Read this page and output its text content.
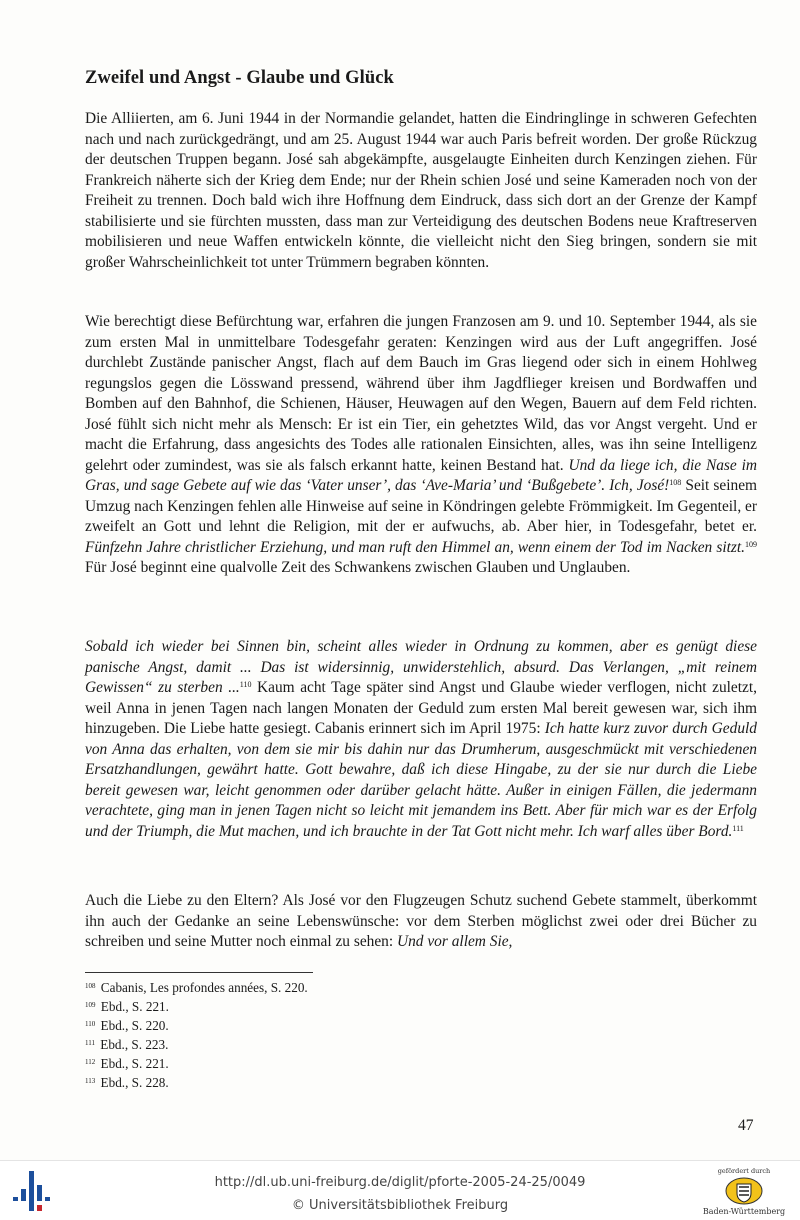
Zweifel und Angst - Glaube und Glück

Die Alliierten, am 6. Juni 1944 in der Normandie gelandet, hatten die Eindringlinge in schweren Gefechten nach und nach zurückgedrängt, und am 25. August 1944 war auch Paris befreit worden. Der große Rückzug der deutschen Truppen begann. José sah abgekämpfte, ausgelaugte Einheiten durch Kenzingen ziehen. Für Frankreich näherte sich der Krieg dem Ende; nur der Rhein schien José und seine Kameraden noch von der Freiheit zu trennen. Doch bald wich ihre Hoffnung dem Eindruck, dass sich dort an der Grenze der Kampf stabilisierte und sie fürchten mussten, dass man zur Verteidigung des deutschen Bodens neue Kraftreserven mobilisieren und neue Waffen entwickeln könnte, die vielleicht nicht den Sieg bringen, sondern sie mit großer Wahrscheinlichkeit tot unter Trümmern begraben könnten.

Wie berechtigt diese Befürchtung war, erfahren die jungen Franzosen am 9. und 10. September 1944, als sie zum ersten Mal in unmittelbare Todesgefahr geraten: Kenzingen wird aus der Luft angegriffen. José durchlebt Zustände panischer Angst, flach auf dem Bauch im Gras liegend oder sich in einem Hohlweg regungslos gegen die Lösswand pressend, während über ihm Jagdflieger kreisen und Bordwaffen und Bomben auf den Bahnhof, die Schienen, Häuser, Heuwagen auf den Wegen, Bauern auf dem Feld richten. José fühlt sich nicht mehr als Mensch: Er ist ein Tier, ein gehetztes Wild, das vor Angst vergeht. Und er macht die Erfahrung, dass angesichts des Todes alle rationalen Einsichten, alles, was ihn seine Intelligenz gelehrt oder zumindest, was sie als falsch erkannt hatte, keinen Bestand hat. Und da liege ich, die Nase im Gras, und sage Gebete auf wie das ‘Vater unser’, das ‘Ave-Maria’ und ‘Bußgebete’. Ich, José!$^{108}$ Seit seinem Umzug nach Kenzingen fehlen alle Hinweise auf seine in Köndringen gelebte Frömmigkeit. Im Gegenteil, er zweifelt an Gott und lehnt die Religion, mit der er aufwuchs, ab. Aber hier, in Todesgefahr, betet er. Fünfzehn Jahre christlicher Erziehung, und man ruft den Himmel an, wenn einem der Tod im Nacken sitzt.$^{109}$ Für José beginnt eine qualvolle Zeit des Schwankens zwischen Glauben und Unglauben.

Sobald ich wieder bei Sinnen bin, scheint alles wieder in Ordnung zu kommen, aber es genügt diese panische Angst, damit ... Das ist widersinnig, unwiderstehlich, absurd. Das Verlangen, „mit reinem Gewissen“ zu sterben ...$^{110}$ Kaum acht Tage später sind Angst und Glaube wieder verflogen, nicht zuletzt, weil Anna in jenen Tagen nach langen Monaten der Geduld zum ersten Mal bereit gewesen war, sich ihm hinzugeben. Die Liebe hatte gesiegt. Cabanis erinnert sich im April 1975: Ich hatte kurz zuvor durch Geduld von Anna das erhalten, von dem sie mir bis dahin nur das Drumherum, ausgeschmückt mit verschiedenen Ersatzhandlungen, gewährt hatte. Gott bewahre, daß ich diese Hingabe, zu der sie nur durch die Liebe bereit gewesen war, leicht genommen oder darüber gelacht hätte. Außer in einigen Fällen, die jedermann verachtete, ging man in jenen Tagen nicht so leicht mit jemandem ins Bett. Aber für mich war es der Erfolg und der Triumph, die Mut machen, und ich brauchte in der Tat Gott nicht mehr. Ich warf alles über Bord.$^{111}$

Auch die Liebe zu den Eltern? Als José vor den Flugzeugen Schutz suchend Gebete stammelt, überkommt ihn auch der Gedanke an seine Lebenswünsche: vor dem Sterben möglichst zwei oder drei Bücher zu schreiben und seine Mutter noch einmal zu sehen: Und vor allem Sie,

$^{108}$ Cabanis, Les profondes années, S. 220.
$^{109}$ Ebd., S. 221.
$^{110}$ Ebd., S. 220.
$^{111}$ Ebd., S. 223.
$^{112}$ Ebd., S. 221.
$^{113}$ Ebd., S. 228.
47
http://dl.ub.uni-freiburg.de/diglit/pforte-2005-24-25/0049
© Universitätsbibliothek Freiburg
gefördert durch
Baden-Württemberg
